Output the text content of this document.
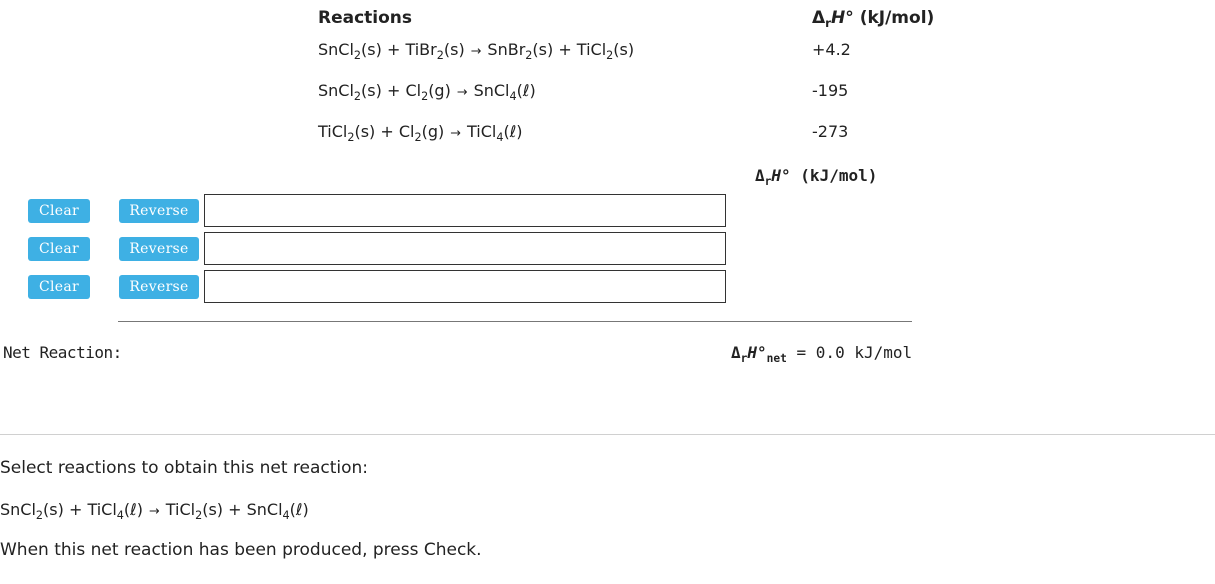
Reactions	$\Delta_rH^\circ$ (kJ/mol)
SnCl$_2$(s) + TiBr$_2$(s) → SnBr$_2$(s) + TiCl$_2$(s)	+4.2
SnCl$_2$(s) + $Cl_2(g)$ → SnCl$_4$(ℓ)	-195
TiCl$_2$(s) + $Cl_2(g)$ → TiCl$_4$(ℓ)	-273
$\Delta_rH^\circ$ (kJ/mol)
Clear	Reverse
Clear	Reverse
Clear	Reverse
Net Reaction:	$\Delta_rH^\circ_{net} = 0.0$ kJ/mol
Select reactions to obtain this net reaction:
SnCl$_2$(s) + TiCl$_4$(ℓ) → TiCl$_2$(s) + SnCl$_4$(ℓ)
When this net reaction has been produced, press Check.
